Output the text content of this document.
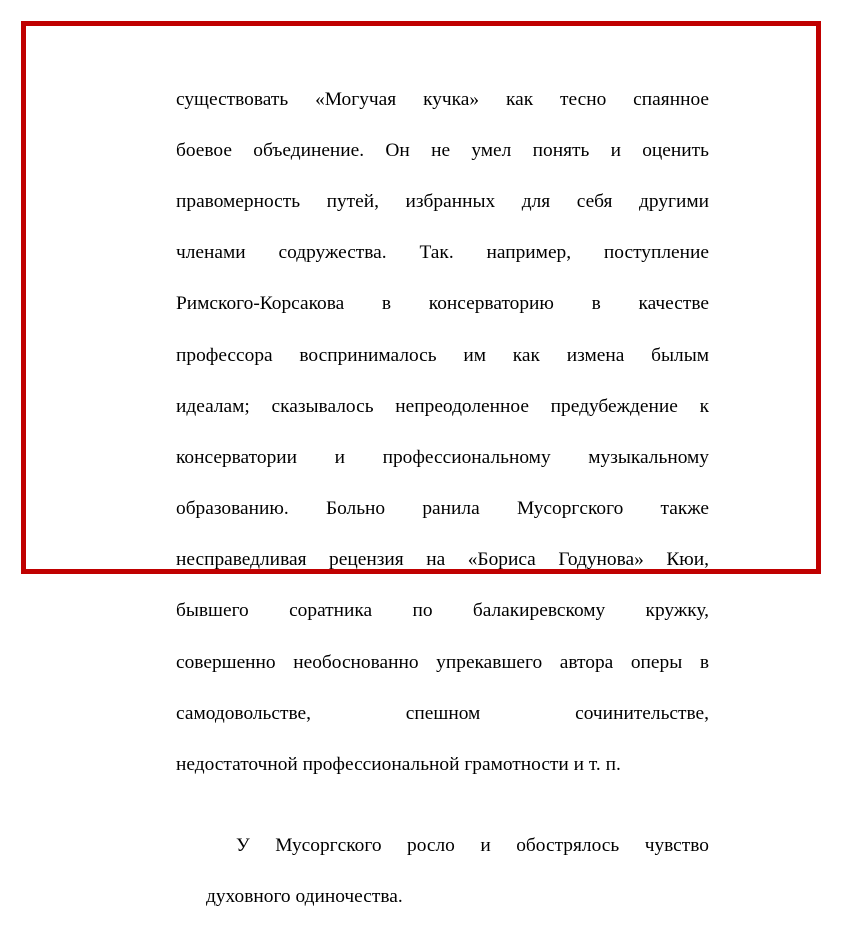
существовать «Могучая кучка» как тесно спаянное

боевое объединение. Он не умел понять и оценить

правомерность путей, избранных для себя другими

членами содружества. Так. например, поступление

Римского-Корсакова в консерваторию в качестве

профессора воспринималось им как измена былым

идеалам; сказывалось непреодоленное предубеждение к

консерватории и профессиональному музыкальному

образованию. Больно ранила Мусоргского также

несправедливая рецензия на «Бориса Годунова» Кюи,

бывшего соратника по балакиревскому кружку,

совершенно необоснованно упрекавшего автора оперы в

самодовольстве, спешном сочинительстве,

недостаточной профессиональной грамотности и т. п.

У Мусоргского росло и обострялось чувство

духовного одиночества.
